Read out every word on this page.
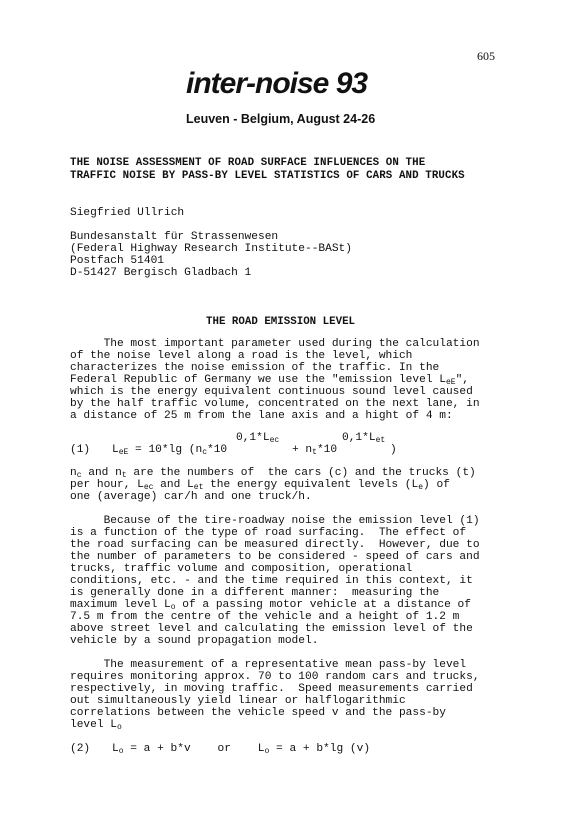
605
inter-noise 93
Leuven - Belgium, August 24-26
THE NOISE ASSESSMENT OF ROAD SURFACE INFLUENCES ON THE
TRAFFIC NOISE BY PASS-BY LEVEL STATISTICS OF CARS AND TRUCKS
Siegfried Ullrich
Bundesanstalt für Strassenwesen
(Federal Highway Research Institute--BASt)
Postfach 51401
D-51427 Bergisch Gladbach 1
THE ROAD EMISSION LEVEL
The most important parameter used during the calculation
of the noise level along a road is the level, which
characterizes the noise emission of the traffic. In the
Federal Republic of Germany we use the "emission level $L_{eE}$",
which is the energy equivalent continuous sound level caused
by the half traffic volume, concentrated on the next lane, in
a distance of 25 m from the lane axis and a hight of 4 m:
$0,1*L_{ec}$	$0,1*L_{et}$
(1) $L_{eE} = 10*\lg$ ($n_c*10$	+ $n_t*10$	)
$n_c$ and $n_t$ are the numbers of  the cars (c) and the trucks (t)
per hour, $L_{ec}$ and $L_{et}$ the energy equivalent levels $(L_e)$ of
one (average) car/h and one truck/h.
Because of the tire-roadway noise the emission level (1)
is a function of the type of road surfacing.  The effect of
the road surfacing can be measured directly.  However, due to
the number of parameters to be considered - speed of cars and
trucks, traffic volume and composition, operational
conditions, etc. - and the time required in this context, it
is generally done in a different manner:  measuring the
maximum level $L_o$ of a passing motor vehicle at a distance of
7.5 m from the centre of the vehicle and a height of 1.2 m
above street level and calculating the emission level of the
vehicle by a sound propagation model.
The measurement of a representative mean pass-by level
requires monitoring approx. 70 to 100 random cars and trucks,
respectively, in moving traffic.  Speed measurements carried
out simultaneously yield linear or halflogarithmic
correlations between the vehicle speed v and the pass-by
level $L_o$
(2) $L_o = a + b*v$    or    $L_o = a + b*\lg$ (v)
